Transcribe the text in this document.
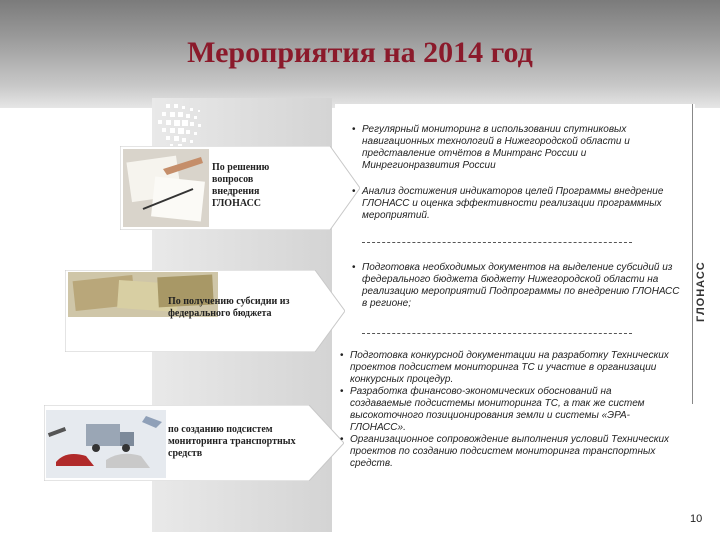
Мероприятия на 2014 год
ГЛОНАСС
По решению вопросов внедрения ГЛОНАСС
По получению субсидии из федерального бюджета
по созданию подсистем мониторинга транспортных средств
• Регулярный мониторинг в использовании спутниковых навигационных технологий в Нижегородской области и представление отчётов в Минтранс России и Минрегионразвития России
• Анализ достижения индикаторов целей Программы внедрение ГЛОНАСС и оценка эффективности реализации программных мероприятий.
• Подготовка необходимых документов на выделение субсидий из федерального бюджета бюджету Нижегородской области на реализацию мероприятий Подпрограммы по внедрению ГЛОНАСС в регионе;
• Подготовка конкурсной документации на разработку Технических проектов подсистем мониторинга ТС и участие в организации конкурсных процедур.
• Разработка финансово-экономических обоснований на создаваемые подсистемы мониторинга ТС, а так же систем высокоточного позиционирования земли и системы «ЭРА-ГЛОНАСС».
• Организационное сопровождение выполнения условий Технических проектов по созданию подсистем мониторинга транспортных средств.
10
